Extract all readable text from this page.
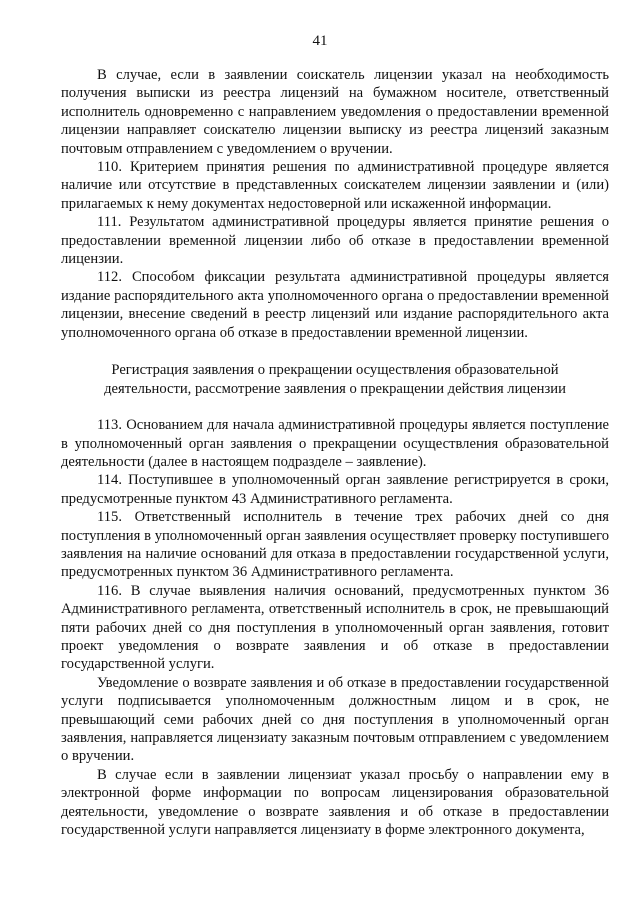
41

В случае, если в заявлении соискатель лицензии указал на необходимость получения выписки из реестра лицензий на бумажном носителе, ответственный исполнитель одновременно с направлением уведомления о предоставлении временной лицензии направляет соискателю лицензии выписку из реестра лицензий заказным почтовым отправлением с уведомлением о вручении.

110. Критерием принятия решения по административной процедуре является наличие или отсутствие в представленных соискателем лицензии заявлении и (или) прилагаемых к нему документах недостоверной или искаженной информации.

111. Результатом административной процедуры является принятие решения о предоставлении временной лицензии либо об отказе в предоставлении временной лицензии.

112. Способом фиксации результата административной процедуры является издание распорядительного акта уполномоченного органа о предоставлении временной лицензии, внесение сведений в реестр лицензий или издание распорядительного акта уполномоченного органа об отказе в предоставлении временной лицензии.

Регистрация заявления о прекращении осуществления образовательной деятельности, рассмотрение заявления о прекращении действия лицензии

113. Основанием для начала административной процедуры является поступление в уполномоченный орган заявления о прекращении осуществления образовательной деятельности (далее в настоящем подразделе – заявление).

114. Поступившее в уполномоченный орган заявление регистрируется в сроки, предусмотренные пунктом 43 Административного регламента.

115. Ответственный исполнитель в течение трех рабочих дней со дня поступления в уполномоченный орган заявления осуществляет проверку поступившего заявления на наличие оснований для отказа в предоставлении государственной услуги, предусмотренных пунктом 36 Административного регламента.

116. В случае выявления наличия оснований, предусмотренных пунктом 36 Административного регламента, ответственный исполнитель в срок, не превышающий пяти рабочих дней со дня поступления в уполномоченный орган заявления, готовит проект уведомления о возврате заявления и об отказе в предоставлении государственной услуги.

Уведомление о возврате заявления и об отказе в предоставлении государственной услуги подписывается уполномоченным должностным лицом и в срок, не превышающий семи рабочих дней со дня поступления в уполномоченный орган заявления, направляется лицензиату заказным почтовым отправлением с уведомлением о вручении.

В случае если в заявлении лицензиат указал просьбу о направлении ему в электронной форме информации по вопросам лицензирования образовательной деятельности, уведомление о возврате заявления и об отказе в предоставлении государственной услуги направляется лицензиату в форме электронного документа,
